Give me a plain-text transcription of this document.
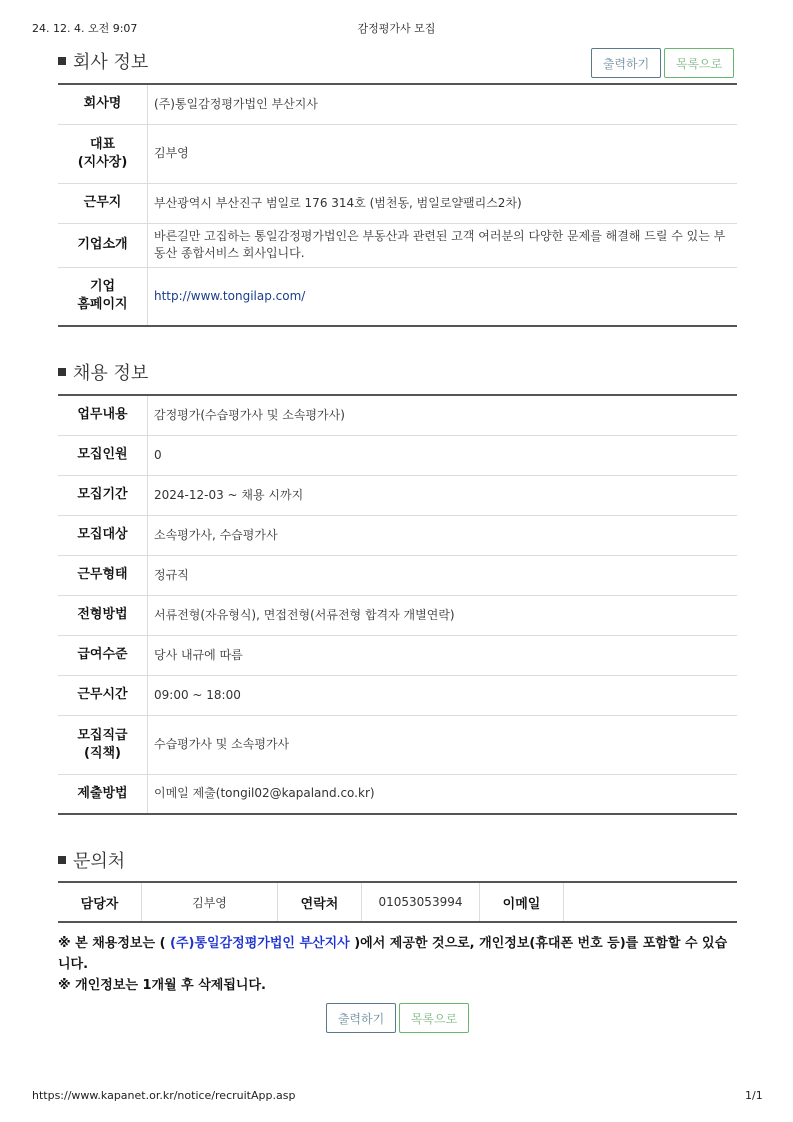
24. 12. 4. 오전 9:07	감정평가사 모집
회사 정보	출력하기	목록으로
회사명	(주)통일감정평가법인 부산지사
대표
(지사장)	김부영
근무지	부산광역시 부산진구 범일로 176 314호 (범천동, 범일로얄팰리스2차)
기업소개	바른길만 고집하는 통일감정평가법인은 부동산과 관련된 고객 여러분의 다양한 문제를 해결해 드릴 수 있는 부동산 종합서비스 회사입니다.
기업
홈페이지	http://www.tongilap.com/
채용 정보
업무내용	감정평가(수습평가사 및 소속평가사)
모집인원	0
모집기간	2024-12-03 ~ 채용 시까지
모집대상	소속평가사, 수습평가사
근무형태	정규직
전형방법	서류전형(자유형식), 면접전형(서류전형 합격자 개별연락)
급여수준	당사 내규에 따름
근무시간	09:00 ~ 18:00
모집직급
(직책)	수습평가사 및 소속평가사
제출방법	이메일 제출(tongil02@kapaland.co.kr)
문의처
담당자	김부영	연락처	01053053994	이메일	
※ 본 채용정보는 ( (주)통일감정평가법인 부산지사 )에서 제공한 것으로, 개인정보(휴대폰 번호 등)를 포함할 수 있습니다.
※ 개인정보는 1개월 후 삭제됩니다.
출력하기	목록으로
https://www.kapanet.or.kr/notice/recruitApp.asp	1/1
